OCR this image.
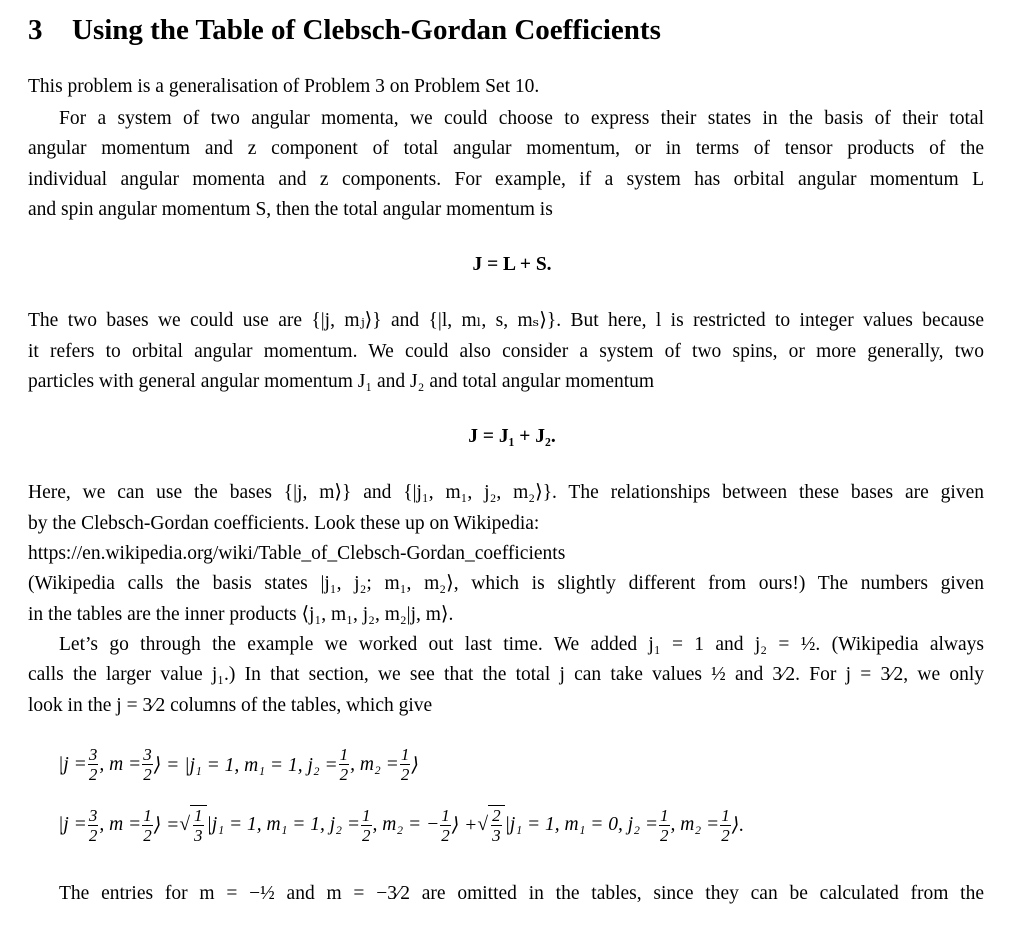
3 Using the Table of Clebsch-Gordan Coefficients
This problem is a generalisation of Problem 3 on Problem Set 10.
For a system of two angular momenta, we could choose to express their states in the basis of their total
angular momentum and z component of total angular momentum, or in terms of tensor products of the
individual angular momenta and z components. For example, if a system has orbital angular momentum L
and spin angular momentum S, then the total angular momentum is
J = L + S.
The two bases we could use are {|j, mⱼ⟩} and {|l, mₗ, s, mₛ⟩}. But here, l is restricted to integer values because
it refers to orbital angular momentum. We could also consider a system of two spins, or more generally, two
particles with general angular momentum J₁ and J₂ and total angular momentum
J = J₁ + J₂.
Here, we can use the bases {|j, m⟩} and {|j₁, m₁, j₂, m₂⟩}. The relationships between these bases are given
by the Clebsch-Gordan coefficients. Look these up on Wikipedia:
https://en.wikipedia.org/wiki/Table_of_Clebsch-Gordan_coefficients
(Wikipedia calls the basis states |j₁, j₂; m₁, m₂⟩, which is slightly different from ours!) The numbers given
in the tables are the inner products ⟨j₁, m₁, j₂, m₂|j, m⟩.
Let’s go through the example we worked out last time. We added j₁ = 1 and j₂ = ½. (Wikipedia always
calls the larger value j₁.) In that section, we see that the total j can take values ½ and 3⁄2. For j = 3⁄2, we only
look in the j = 3⁄2 columns of the tables, which give
$|j = \frac{3}{2}$ , $m = \frac{3}{2}$ ⟩ = |j₁ = 1, m₁ = 1, $j_2 = \frac{1}{2}$ , $m_2 = \frac{1}{2}$ ⟩
$|j = \frac{3}{2}$ , $m = \frac{1}{2}$ ⟩ = √ $\frac{1}{3} |j_1 = 1$, m₁ = 1, $j_2 = \frac{1}{2}$ , m₂ = − $\frac{1}{2}$ ⟩ + √ $\frac{2}{3} |j_1 = 1$, m₁ = 0, $j_2 = \frac{1}{2}$ , $m_2 = \frac{1}{2}$ ⟩.
The entries for m = −½ and m = −3⁄2 are omitted in the tables, since they can be calculated from the
